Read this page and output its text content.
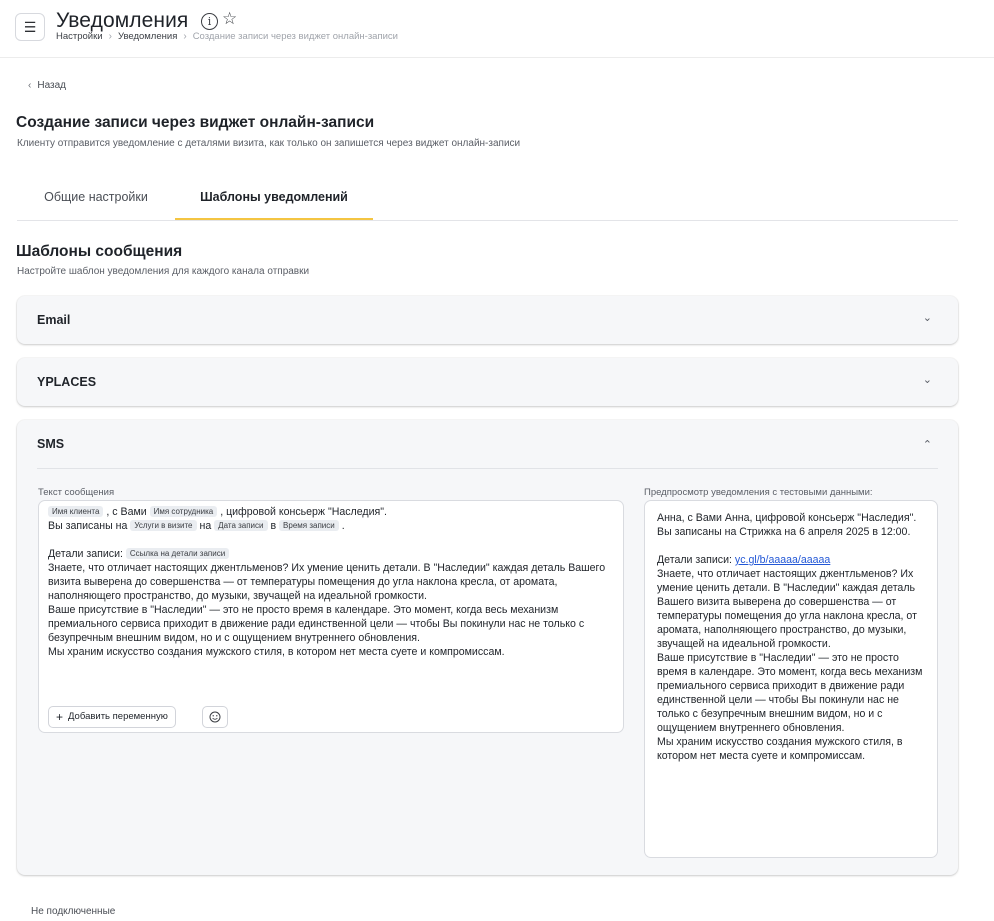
☰ Уведомления	i ☆
Настройки › Уведомления › Создание записи через виджет онлайн-записи
‹ Назад
Создание записи через виджет онлайн-записи
Клиенту отправится уведомление с деталями визита, как только он запишется через виджет онлайн-записи
Общие настройки	Шаблоны уведомлений
Шаблоны сообщения
Настройте шаблон уведомления для каждого канала отправки
Email	⌄
YPLACES	⌄
SMS	⌃
Текст сообщения	Предпросмотр уведомления с тестовыми данными:

Имя клиента , с Вами Имя сотрудника , цифровой консьерж "Наследия".

Вы записаны на Услуги в визите на Дата записи в Время записи .

Детали записи: Ссылка на детали записи

Знаете, что отличает настоящих джентльменов? Их умение ценить детали. В "Наследии" каждая деталь Вашего визита выверена до совершенства — от температуры помещения до угла наклона кресла, от аромата, наполняющего пространство, до музыки, звучащей на идеальной громкости.
Ваше присутствие в "Наследии" — это не просто время в календаре. Это момент, когда весь механизм премиального сервиса приходит в движение ради единственной цели — чтобы Вы покинули нас не только с безупречным внешним видом, но и с ощущением внутреннего обновления.
Мы храним искусство создания мужского стиля, в котором нет места суете и компромиссам.

+ Добавить переменную

Анна, с Вами Анна, цифровой консьерж "Наследия".
Вы записаны на Стрижка на 6 апреля 2025 в 12:00.

Детали записи: yc.gl/b/aaaaa/aaaaa

Знаете, что отличает настоящих джентльменов? Их умение ценить детали. В "Наследии" каждая деталь Вашего визита выверена до совершенства — от температуры помещения до угла наклона кресла, от аромата, наполняющего пространство, до музыки, звучащей на идеальной громкости.
Ваше присутствие в "Наследии" — это не просто время в календаре. Это момент, когда весь механизм премиального сервиса приходит в движение ради единственной цели — чтобы Вы покинули нас не только с безупречным внешним видом, но и с ощущением внутреннего обновления.
Мы храним искусство создания мужского стиля, в котором нет места суете и компромиссам.

Не подключенные
